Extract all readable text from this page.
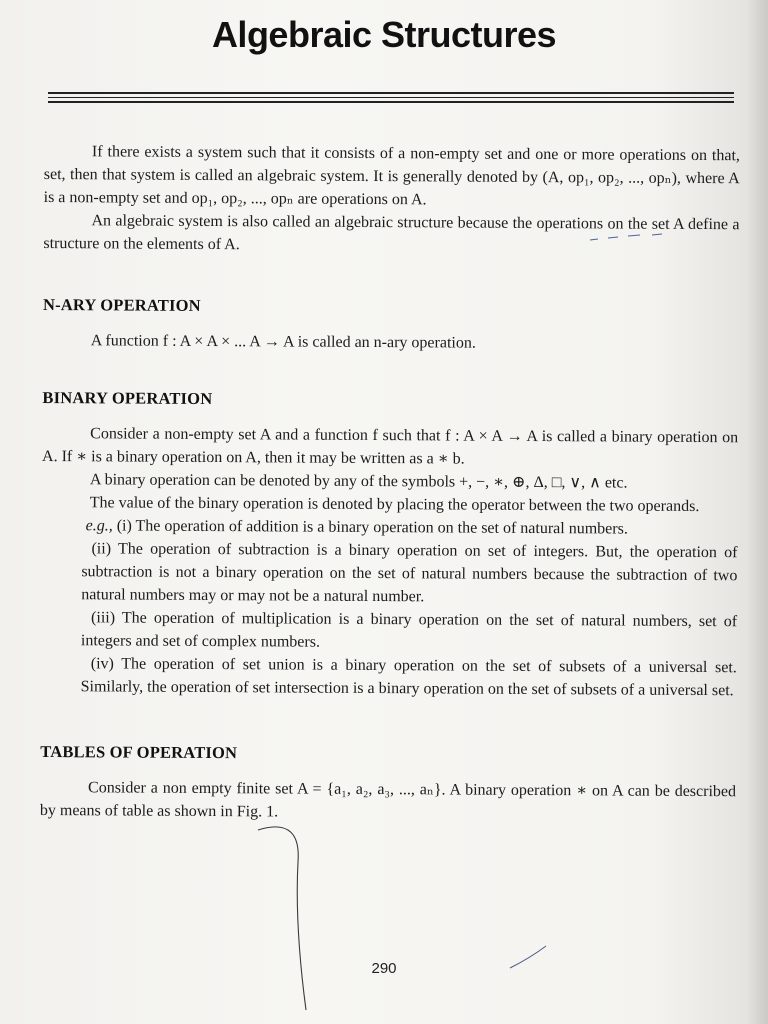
Algebraic Structures

If there exists a system such that it consists of a non-empty set and one or more operations on that, set, then that system is called an algebraic system. It is generally denoted by (A, op₁, op₂, ..., opₙ), where A is a non-empty set and op₁, op₂, ..., opₙ are operations on A.

An algebraic system is also called an algebraic structure because the operations on the set A define a structure on the elements of A.

N-ARY OPERATION
A function f : A × A × ... A → A is called an n-ary operation.
BINARY OPERATION

Consider a non-empty set A and a function f such that f : A × A → A is called a binary operation on A. If ∗ is a binary operation on A, then it may be written as a ∗ b.

A binary operation can be denoted by any of the symbols +, −, ∗, ⊕, Δ, □, ∨, ∧ etc.

The value of the binary operation is denoted by placing the operator between the two operands.

e.g., (i) The operation of addition is a binary operation on the set of natural numbers.

(ii) The operation of subtraction is a binary operation on set of integers. But, the operation of subtraction is not a binary operation on the set of natural numbers because the subtraction of two natural numbers may or may not be a natural number.

(iii) The operation of multiplication is a binary operation on the set of natural numbers, set of integers and set of complex numbers.

(iv) The operation of set union is a binary operation on the set of subsets of a universal set. Similarly, the operation of set intersection is a binary operation on the set of subsets of a universal set.

TABLES OF OPERATION

Consider a non empty finite set A = {a₁, a₂, a₃, ..., aₙ}. A binary operation ∗ on A can be described by means of table as shown in Fig. 1.

290
